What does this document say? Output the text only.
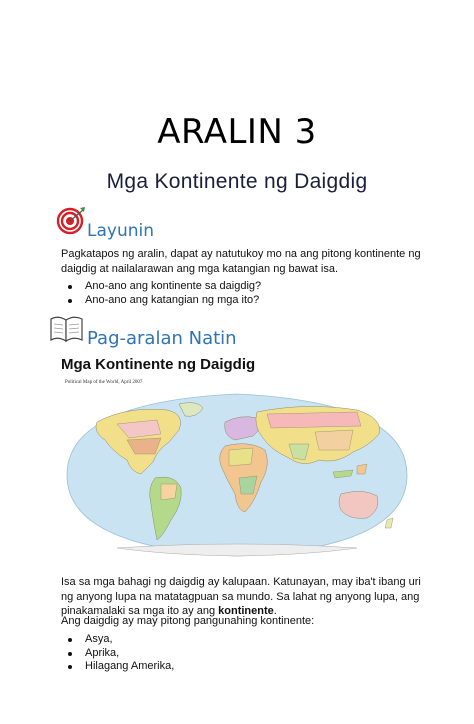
ARALIN 3
Mga Kontinente ng Daigdig
Layunin

Pagkatapos ng aralin, dapat ay natutukoy mo na ang pitong kontinente ng daigdig at nailalarawan ang mga katangian ng bawat isa.

Ano-ano ang kontinente sa daigdig?
Ano-ano ang katangian ng mga ito?
Pag-aralan Natin
Mga Kontinente ng Daigdig
Political Map of the World, April 2007

Isa sa mga bahagi ng daigdig ay kalupaan. Katunayan, may iba't ibang uri ng anyong lupa na matatagpuan sa mundo. Sa lahat ng anyong lupa, ang pinakamalaki sa mga ito ay ang kontinente.

Ang daigdig ay may pitong pangunahing kontinente:

Asya,
Aprika,
Hilagang Amerika,
